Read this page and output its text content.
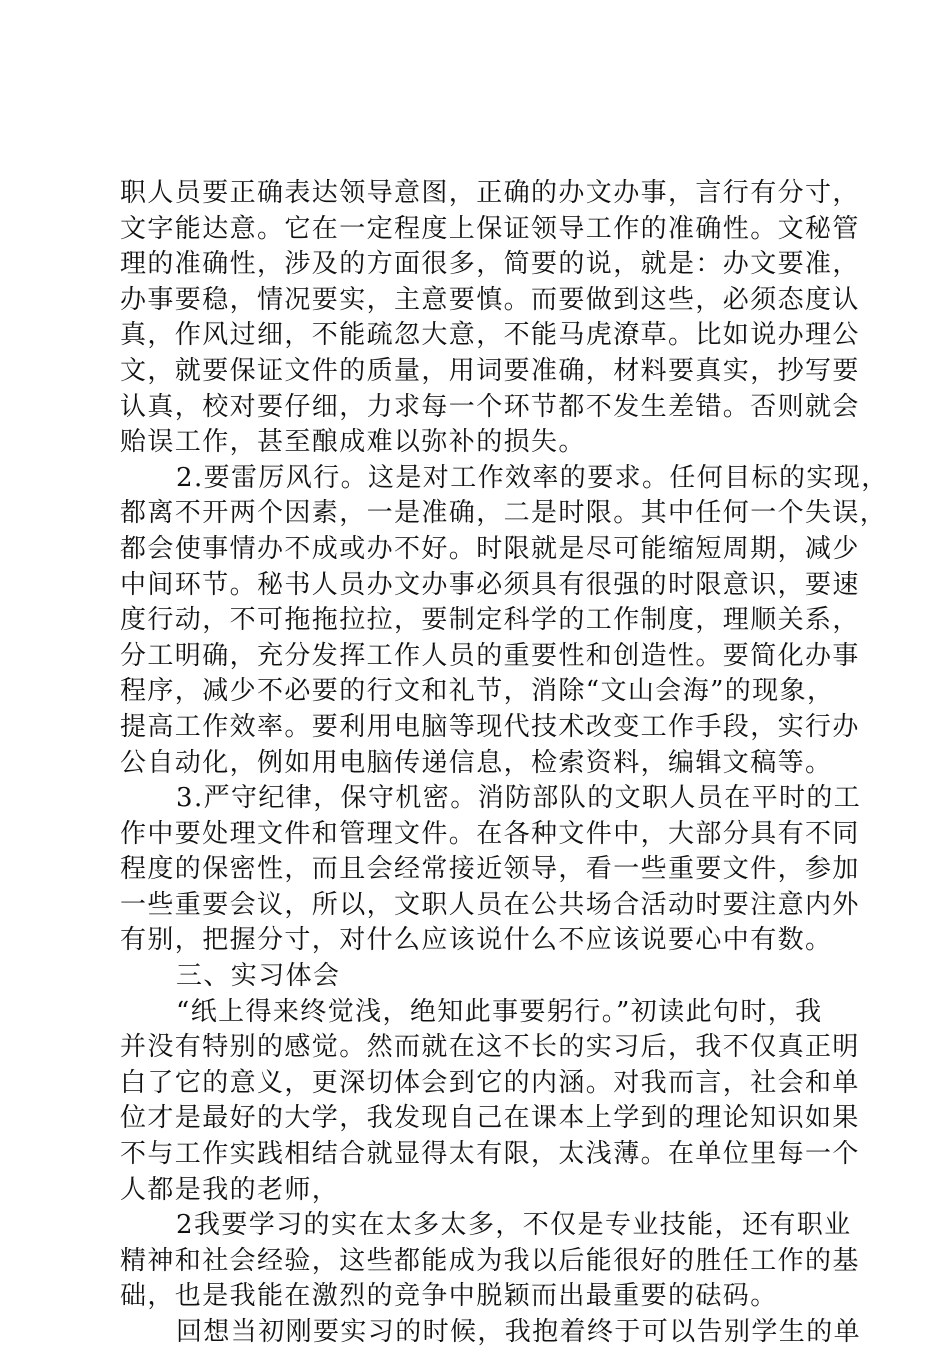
职人员要正确表达领导意图，正确的办文办事，言行有分寸，
文字能达意。它在一定程度上保证领导工作的准确性。文秘管
理的准确性，涉及的方面很多，简要的说，就是：办文要准，
办事要稳，情况要实，主意要慎。而要做到这些，必须态度认
真，作风过细，不能疏忽大意，不能马虎潦草。比如说办理公
文，就要保证文件的质量，用词要准确，材料要真实，抄写要
认真，校对要仔细，力求每一个环节都不发生差错。否则就会
贻误工作，甚至酿成难以弥补的损失。
2.要雷厉风行。这是对工作效率的要求。任何目标的实现，
都离不开两个因素，一是准确，二是时限。其中任何一个失误，
都会使事情办不成或办不好。时限就是尽可能缩短周期，减少
中间环节。秘书人员办文办事必须具有很强的时限意识，要速
度行动，不可拖拖拉拉，要制定科学的工作制度，理顺关系，
分工明确，充分发挥工作人员的重要性和创造性。要简化办事
程序，减少不必要的行文和礼节，消除“文山会海”的现象，
提高工作效率。要利用电脑等现代技术改变工作手段，实行办
公自动化，例如用电脑传递信息，检索资料，编辑文稿等。
3.严守纪律，保守机密。消防部队的文职人员在平时的工
作中要处理文件和管理文件。在各种文件中，大部分具有不同
程度的保密性，而且会经常接近领导，看一些重要文件，参加
一些重要会议，所以，文职人员在公共场合活动时要注意内外
有别，把握分寸，对什么应该说什么不应该说要心中有数。
三、实习体会
“纸上得来终觉浅，绝知此事要躬行。”初读此句时，我
并没有特别的感觉。然而就在这不长的实习后，我不仅真正明
白了它的意义，更深切体会到它的内涵。对我而言，社会和单
位才是最好的大学，我发现自己在课本上学到的理论知识如果
不与工作实践相结合就显得太有限，太浅薄。在单位里每一个
人都是我的老师，
2我要学习的实在太多太多，不仅是专业技能，还有职业
精神和社会经验，这些都能成为我以后能很好的胜任工作的基
础，也是我能在激烈的竞争中脱颖而出最重要的砝码。
回想当初刚要实习的时候，我抱着终于可以告别学生的单
